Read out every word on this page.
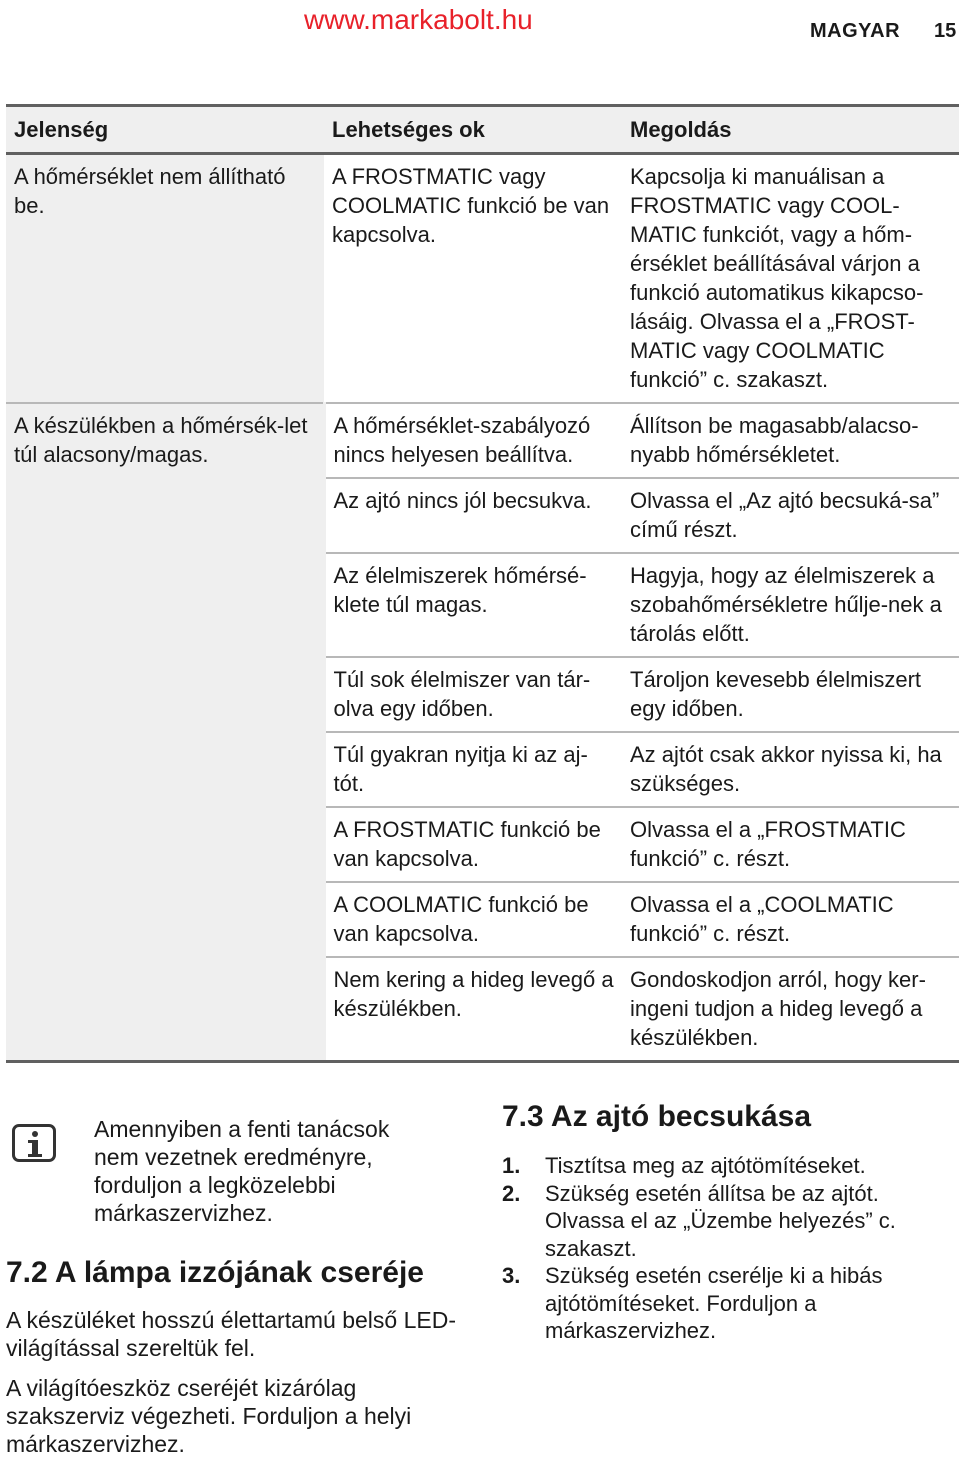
www.markabolt.hu	MAGYAR 15
Jelenség	Lehetséges ok	Megoldás
A hőmérséklet nem állítható be.	A FROSTMATIC vagy COOLMATIC funkció be van kapcsolva.	Kapcsolja ki manuálisan a FROSTMATIC vagy COOL-MATIC funkciót, vagy a hőm-érséklet beállításával várjon a funkció automatikus kikapcso-lásáig. Olvassa el a „FROST-MATIC vagy COOLMATIC funkció” c. szakaszt.
A készülékben a hőmérsék-let túl alacsony/magas.	A hőmérséklet-szabályozó nincs helyesen beállítva.	Állítson be magasabb/alacso-nyabb hőmérsékletet.
	Az ajtó nincs jól becsukva.	Olvassa el „Az ajtó becsuká-sa” című részt.
	Az élelmiszerek hőmérsé-klete túl magas.	Hagyja, hogy az élelmiszerek a szobahőmérsékletre hűlje-nek a tárolás előtt.
	Túl sok élelmiszer van tár-olva egy időben.	Tároljon kevesebb élelmiszert egy időben.
	Túl gyakran nyitja ki az aj-tót.	Az ajtót csak akkor nyissa ki, ha szükséges.
	A FROSTMATIC funkció be van kapcsolva.	Olvassa el a „FROSTMATIC funkció” c. részt.
	A COOLMATIC funkció be van kapcsolva.	Olvassa el a „COOLMATIC funkció” c. részt.
	Nem kering a hideg levegő a készülékben.	Gondoskodjon arról, hogy ker-ingeni tudjon a hideg levegő a készülékben.
Amennyiben a fenti tanácsok nem vezetnek eredményre, forduljon a legközelebbi márkaszervizhez.
7.2 A lámpa izzójának cseréje
A készüléket hosszú élettartamú belső LED-világítással szereltük fel.
A világítóeszköz cseréjét kizárólag szakszerviz végezheti. Forduljon a helyi márkaszervizhez.
7.3 Az ajtó becsukása
1. Tisztítsa meg az ajtótömítéseket.
2. Szükség esetén állítsa be az ajtót. Olvassa el az „Üzembe helyezés” c. szakaszt.
3. Szükség esetén cserélje ki a hibás ajtótömítéseket. Forduljon a márkaszervizhez.
